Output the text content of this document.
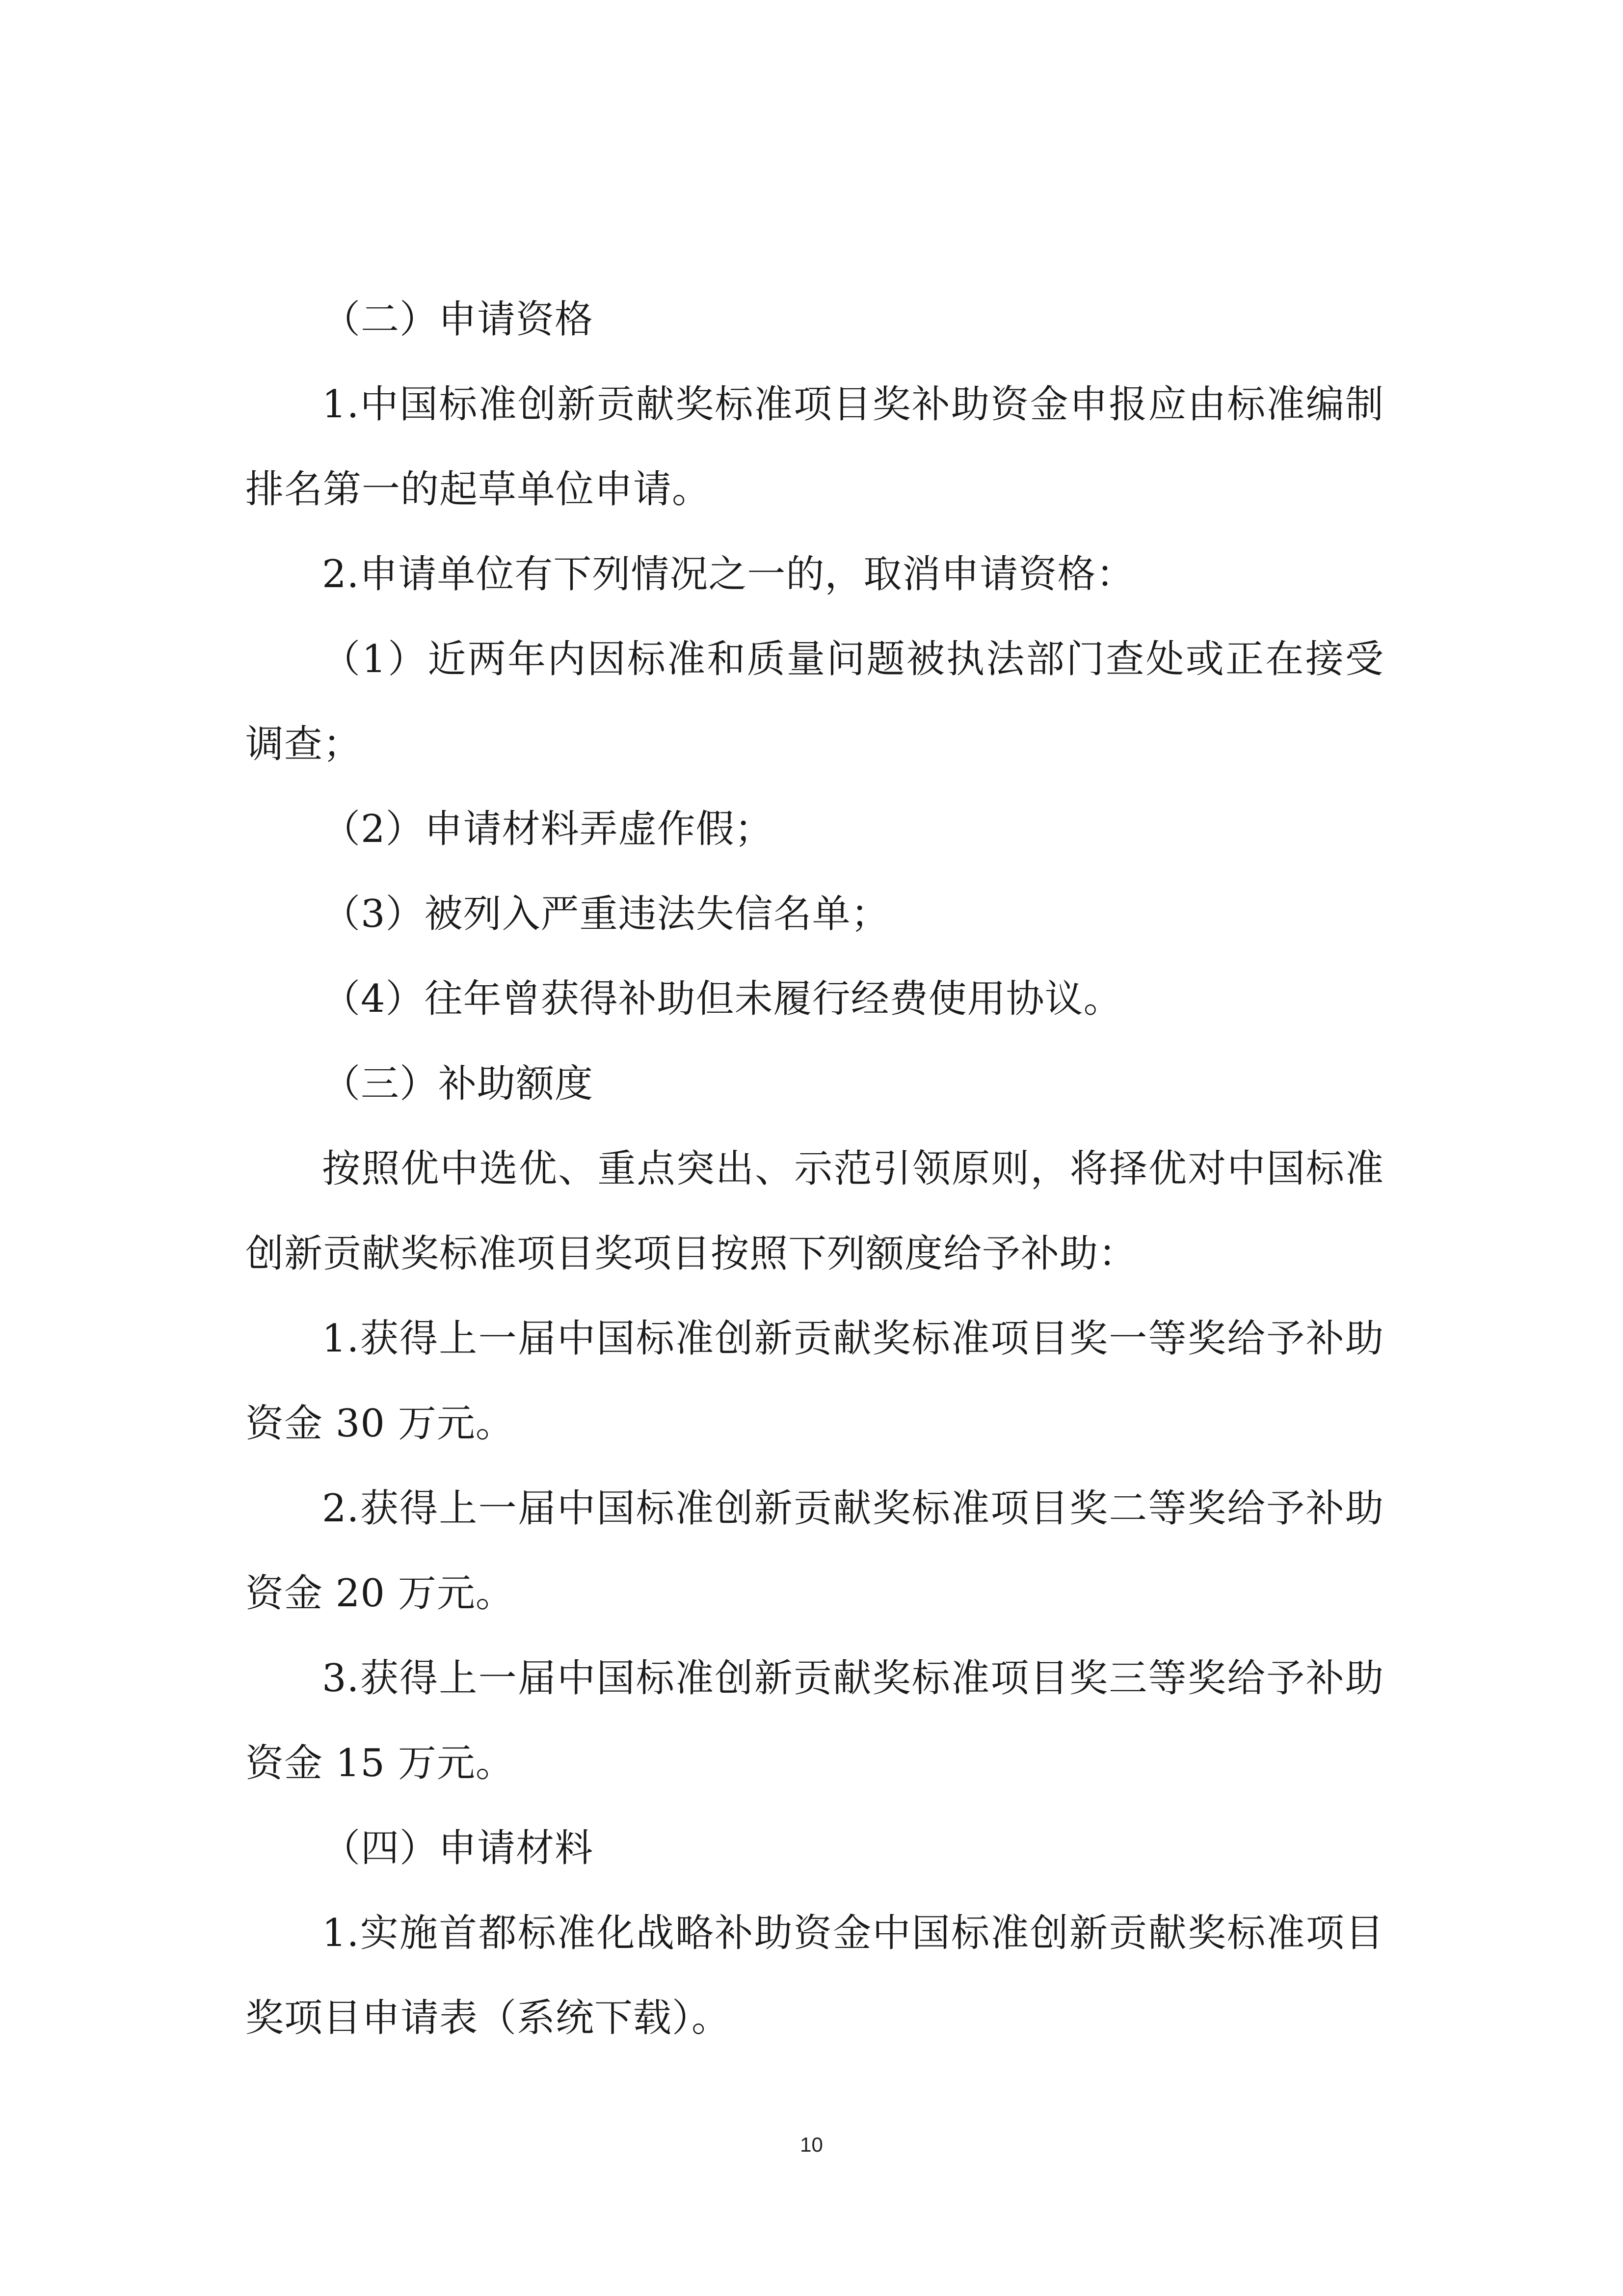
（二）申请资格

1.中国标准创新贡献奖标准项目奖补助资金申报应由标准编制排名第一的起草单位申请。

2.申请单位有下列情况之一的，取消申请资格：

（1）近两年内因标准和质量问题被执法部门查处或正在接受调查；

（2）申请材料弄虚作假；

（3）被列入严重违法失信名单；

（4）往年曾获得补助但未履行经费使用协议。

（三）补助额度

按照优中选优、重点突出、示范引领原则，将择优对中国标准创新贡献奖标准项目奖项目按照下列额度给予补助：

1.获得上一届中国标准创新贡献奖标准项目奖一等奖给予补助资金 30 万元。

2.获得上一届中国标准创新贡献奖标准项目奖二等奖给予补助资金 20 万元。

3.获得上一届中国标准创新贡献奖标准项目奖三等奖给予补助资金 15 万元。

（四）申请材料

1.实施首都标准化战略补助资金中国标准创新贡献奖标准项目奖项目申请表（系统下载）。

10
